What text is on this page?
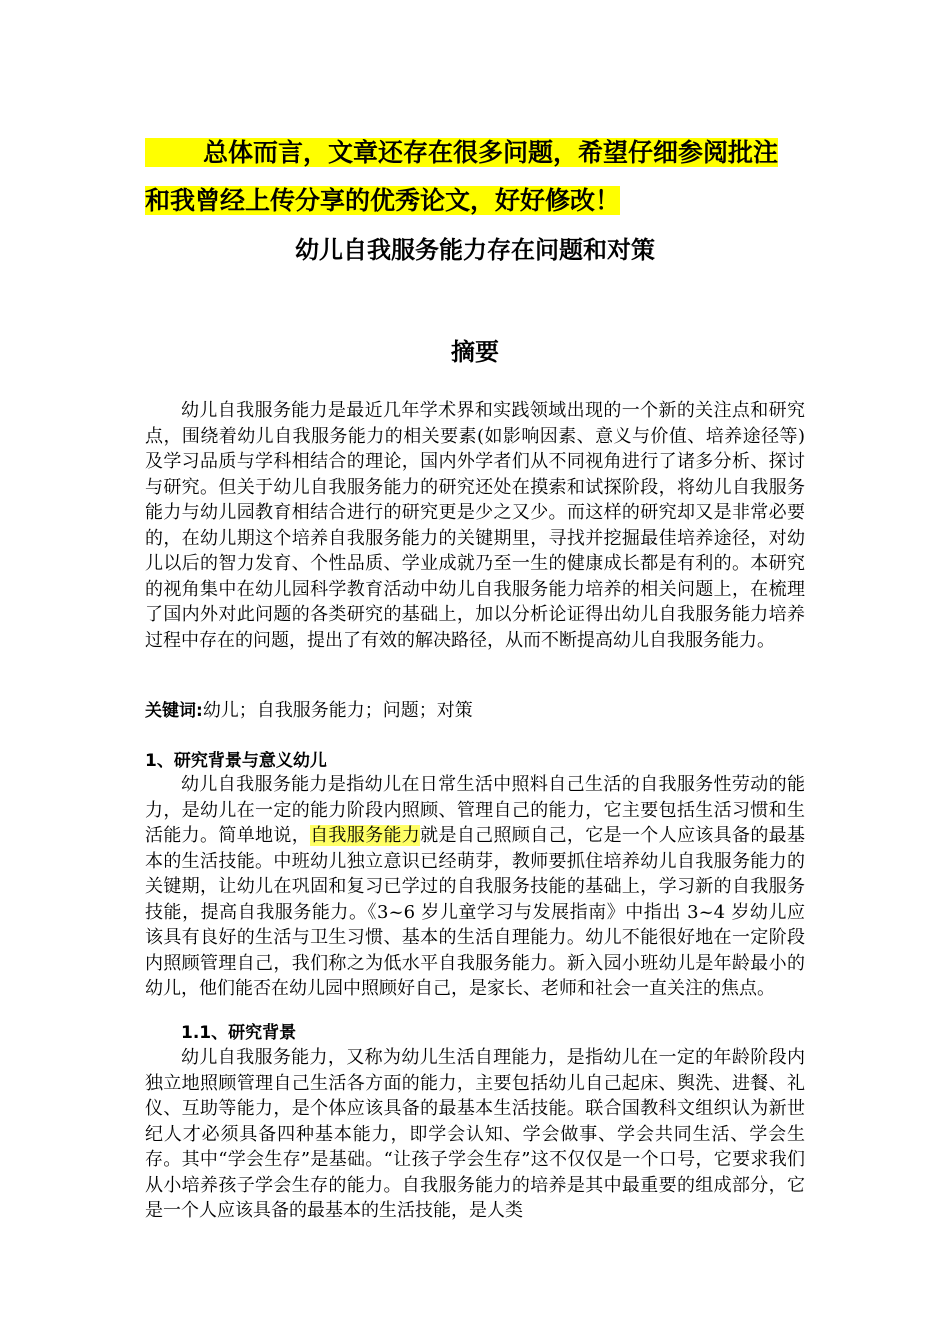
总体而言，文章还存在很多问题，希望仔细参阅批注
和我曾经上传分享的优秀论文，好好修改！
幼儿自我服务能力存在问题和对策
摘要

幼儿自我服务能力是最近几年学术界和实践领域出现的一个新的关注点和研究点，围绕着幼儿自我服务能力的相关要素(如影响因素、意义与价值、培养途径等)及学习品质与学科相结合的理论，国内外学者们从不同视角进行了诸多分析、探讨与研究。但关于幼儿自我服务能力的研究还处在摸索和试探阶段，将幼儿自我服务能力与幼儿园教育相结合进行的研究更是少之又少。而这样的研究却又是非常必要的，在幼儿期这个培养自我服务能力的关键期里，寻找并挖掘最佳培养途径，对幼儿以后的智力发育、个性品质、学业成就乃至一生的健康成长都是有利的。本研究的视角集中在幼儿园科学教育活动中幼儿自我服务能力培养的相关问题上，在梳理了国内外对此问题的各类研究的基础上，加以分析论证得出幼儿自我服务能力培养过程中存在的问题，提出了有效的解决路径，从而不断提高幼儿自我服务能力。

关键词:幼儿；自我服务能力；问题；对策
1、研究背景与意义幼儿

幼儿自我服务能力是指幼儿在日常生活中照料自己生活的自我服务性劳动的能力，是幼儿在一定的能力阶段内照顾、管理自己的能力，它主要包括生活习惯和生活能力。简单地说，自我服务能力就是自己照顾自己，它是一个人应该具备的最基本的生活技能。中班幼儿独立意识已经萌芽，教师要抓住培养幼儿自我服务能力的关键期，让幼儿在巩固和复习已学过的自我服务技能的基础上，学习新的自我服务技能，提高自我服务能力。《3~6 岁儿童学习与发展指南》中指出 3~4 岁幼儿应该具有良好的生活与卫生习惯、基本的生活自理能力。幼儿不能很好地在一定阶段内照顾管理自己，我们称之为低水平自我服务能力。新入园小班幼儿是年龄最小的幼儿，他们能否在幼儿园中照顾好自己，是家长、老师和社会一直关注的焦点。

1.1、研究背景

幼儿自我服务能力，又称为幼儿生活自理能力，是指幼儿在一定的年龄阶段内独立地照顾管理自己生活各方面的能力，主要包括幼儿自己起床、舆洗、进餐、礼仪、互助等能力，是个体应该具备的最基本生活技能。联合国教科文组织认为新世纪人才必须具备四种基本能力，即学会认知、学会做事、学会共同生活、学会生存。其中“学会生存”是基础。“让孩子学会生存”这不仅仅是一个口号，它要求我们从小培养孩子学会生存的能力。自我服务能力的培养是其中最重要的组成部分，它是一个人应该具备的最基本的生活技能，是人类
